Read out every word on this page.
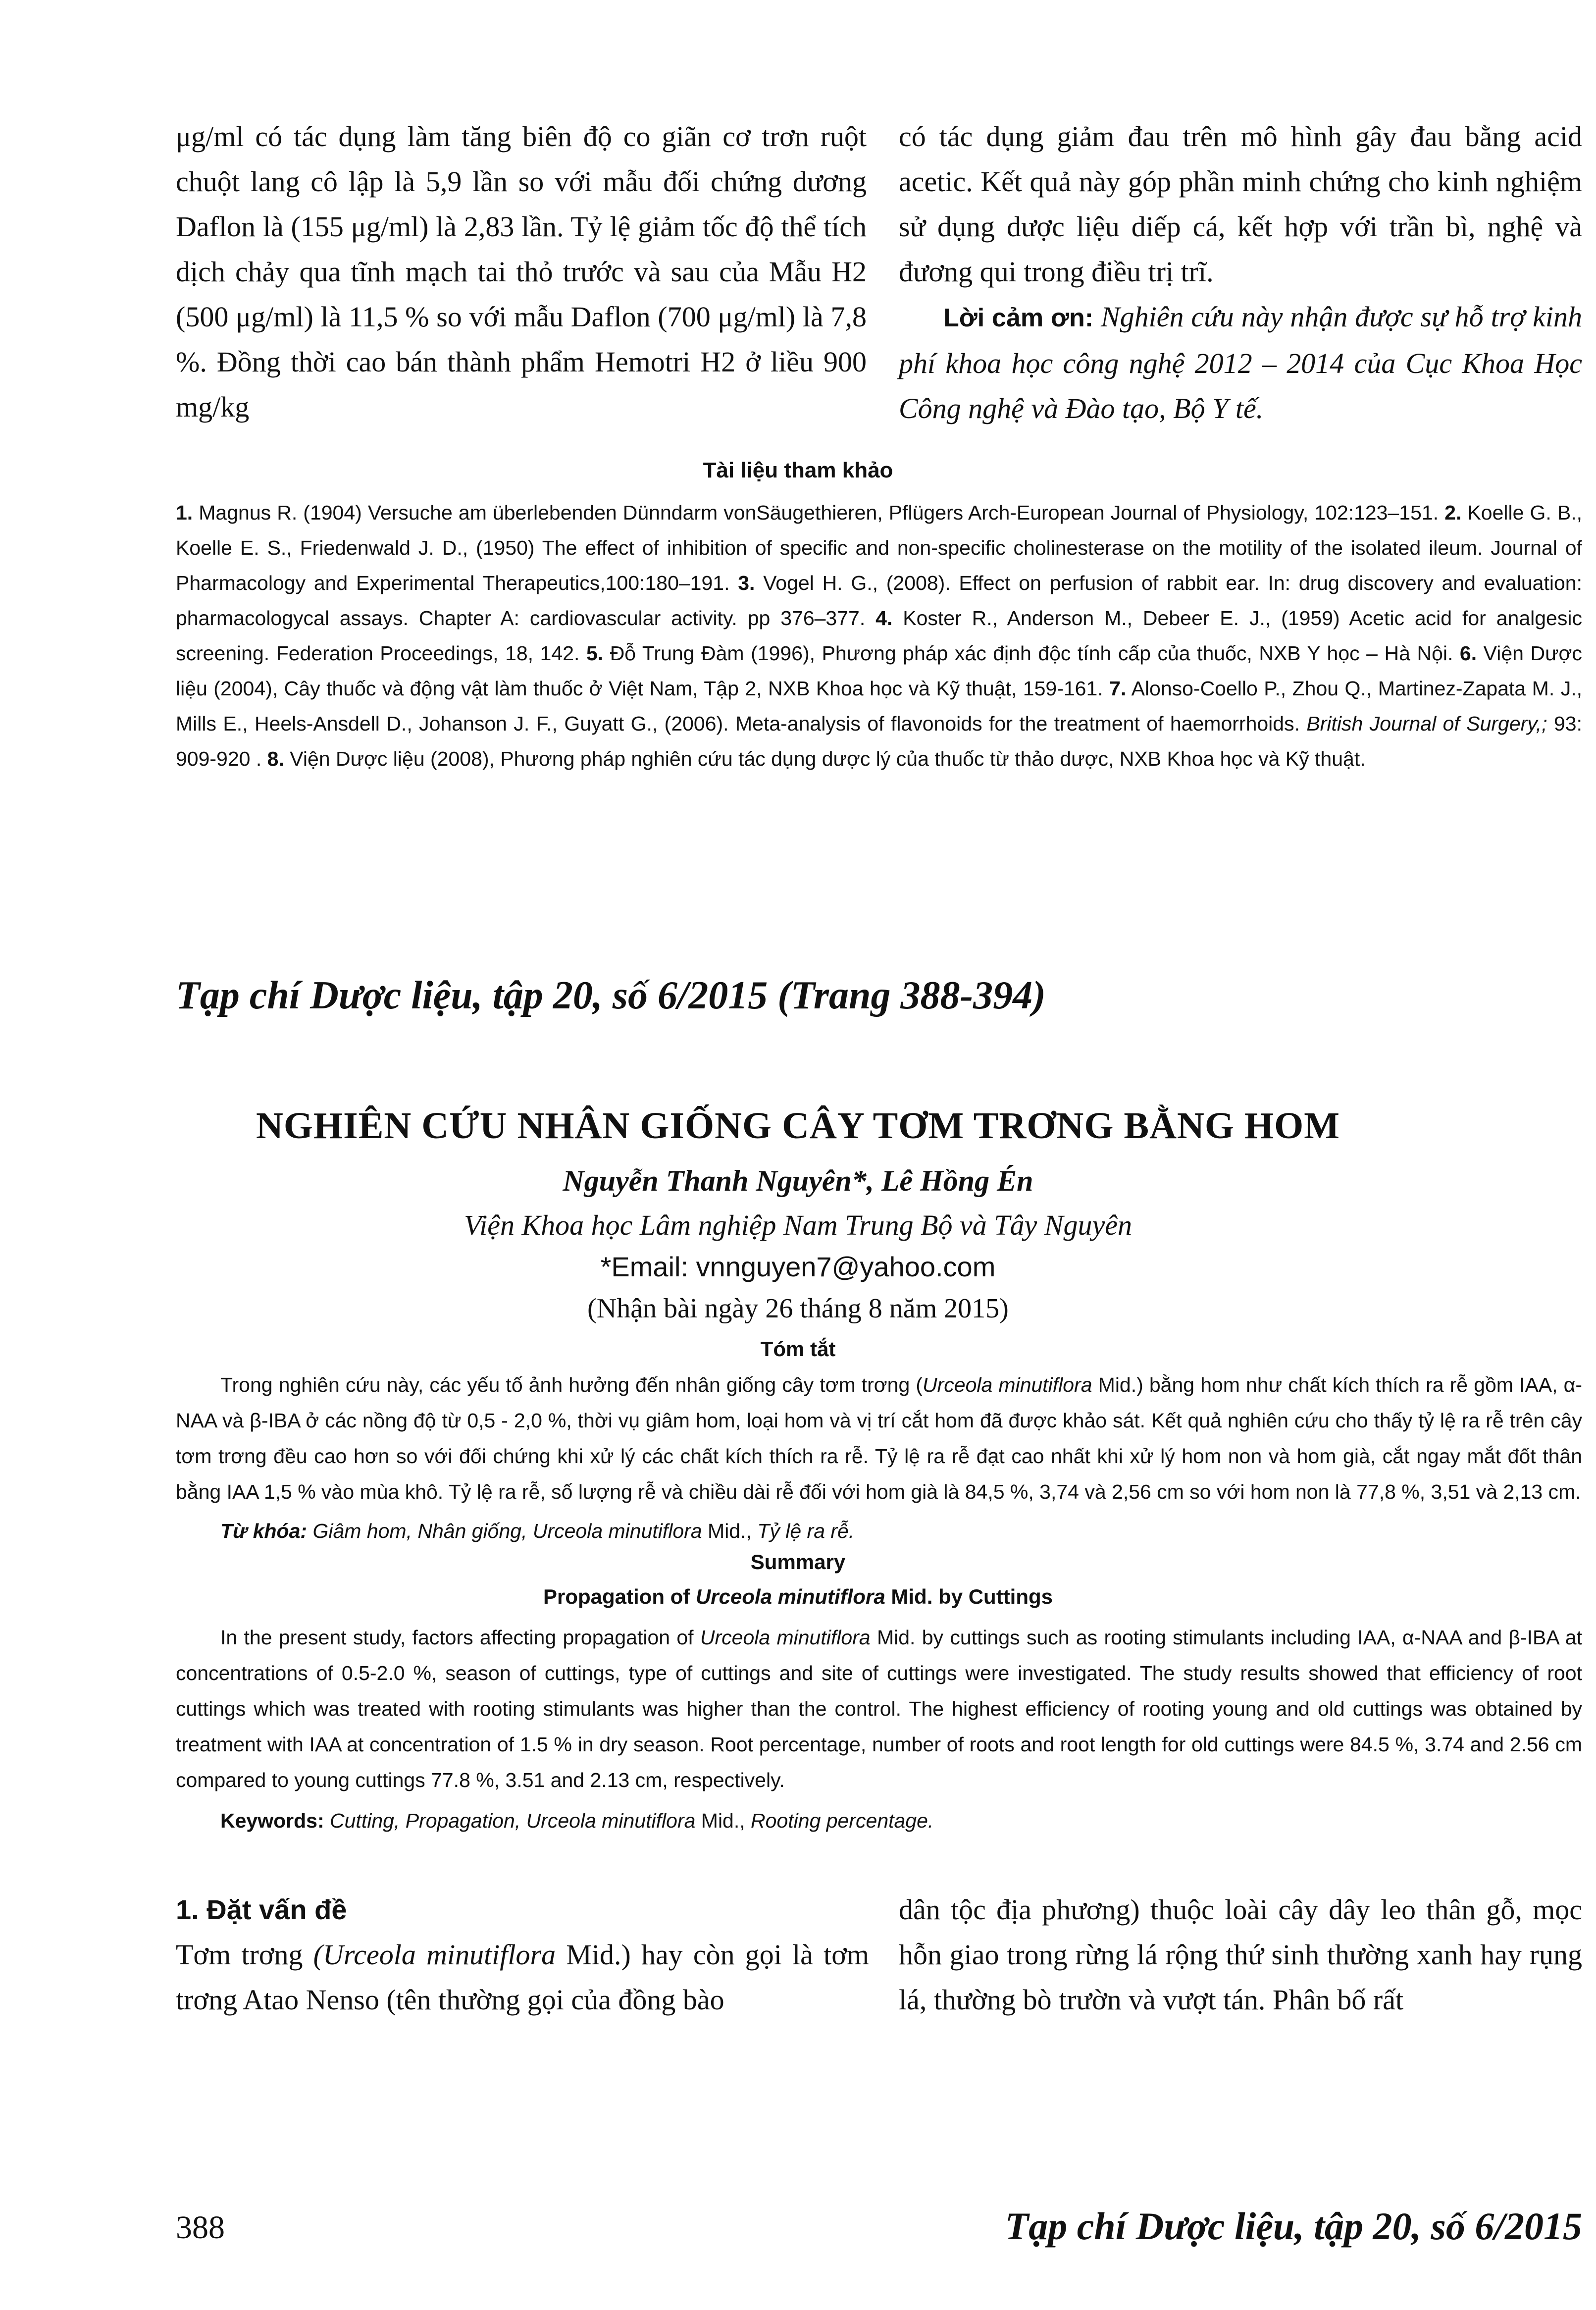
μg/ml có tác dụng làm tăng biên độ co giãn cơ trơn ruột chuột lang cô lập là 5,9 lần so với mẫu đối chứng dương Daflon là (155 μg/ml) là 2,83 lần. Tỷ lệ giảm tốc độ thể tích dịch chảy qua tĩnh mạch tai thỏ trước và sau của Mẫu H2 (500 μg/ml) là 11,5 % so với mẫu Daflon (700 μg/ml) là 7,8 %. Đồng thời cao bán thành phẩm Hemotri H2 ở liều 900 mg/kg

có tác dụng giảm đau trên mô hình gây đau bằng acid acetic. Kết quả này góp phần minh chứng cho kinh nghiệm sử dụng dược liệu diếp cá, kết hợp với trần bì, nghệ và đương qui trong điều trị trĩ.

Lời cảm ơn: Nghiên cứu này nhận được sự hỗ trợ kinh phí khoa học công nghệ 2012 – 2014 của Cục Khoa Học Công nghệ và Đào tạo, Bộ Y tế.

Tài liệu tham khảo
1. Magnus R. (1904) Versuche am überlebenden Dünndarm vonSäugethieren, Pflügers Arch-European Journal of Physiology, 102:123–151. 2. Koelle G. B., Koelle E. S., Friedenwald J. D., (1950) The effect of inhibition of specific and non-specific cholinesterase on the motility of the isolated ileum. Journal of Pharmacology and Experimental Therapeutics,100:180–191. 3. Vogel H. G., (2008). Effect on perfusion of rabbit ear. In: drug discovery and evaluation: pharmacologycal assays. Chapter A: cardiovascular activity. pp 376–377. 4. Koster R., Anderson M., Debeer E. J., (1959) Acetic acid for analgesic screening. Federation Proceedings, 18, 142. 5. Đỗ Trung Đàm (1996), Phương pháp xác định độc tính cấp của thuốc, NXB Y học – Hà Nội. 6. Viện Dược liệu (2004), Cây thuốc và động vật làm thuốc ở Việt Nam, Tập 2, NXB Khoa học và Kỹ thuật, 159-161. 7. Alonso-Coello P., Zhou Q., Martinez-Zapata M. J., Mills E., Heels-Ansdell D., Johanson J. F., Guyatt G., (2006). Meta-analysis of flavonoids for the treatment of haemorrhoids. British Journal of Surgery,; 93: 909-920 . 8. Viện Dược liệu (2008), Phương pháp nghiên cứu tác dụng dược lý của thuốc từ thảo dược, NXB Khoa học và Kỹ thuật.
Tạp chí Dược liệu, tập 20, số 6/2015 (Trang 388-394)
NGHIÊN CỨU NHÂN GIỐNG CÂY TƠM TRƠNG BẰNG HOM
Nguyễn Thanh Nguyên*, Lê Hồng Én
Viện Khoa học Lâm nghiệp Nam Trung Bộ và Tây Nguyên
*Email: vnnguyen7@yahoo.com
(Nhận bài ngày 26 tháng 8 năm 2015)
Tóm tắt
Trong nghiên cứu này, các yếu tố ảnh hưởng đến nhân giống cây tơm trơng (Urceola minutiflora Mid.) bằng hom như chất kích thích ra rễ gồm IAA, α-NAA và β-IBA ở các nồng độ từ 0,5 - 2,0 %, thời vụ giâm hom, loại hom và vị trí cắt hom đã được khảo sát. Kết quả nghiên cứu cho thấy tỷ lệ ra rễ trên cây tơm trơng đều cao hơn so với đối chứng khi xử lý các chất kích thích ra rễ. Tỷ lệ ra rễ đạt cao nhất khi xử lý hom non và hom già, cắt ngay mắt đốt thân bằng IAA 1,5 % vào mùa khô. Tỷ lệ ra rễ, số lượng rễ và chiều dài rễ đối với hom già là 84,5 %, 3,74 và 2,56 cm so với hom non là 77,8 %, 3,51 và 2,13 cm.
Từ khóa: Giâm hom, Nhân giống, Urceola minutiflora Mid., Tỷ lệ ra rễ.
Summary
Propagation of Urceola minutiflora Mid. by Cuttings
In the present study, factors affecting propagation of Urceola minutiflora Mid. by cuttings such as rooting stimulants including IAA, α-NAA and β-IBA at concentrations of 0.5-2.0 %, season of cuttings, type of cuttings and site of cuttings were investigated. The study results showed that efficiency of root cuttings which was treated with rooting stimulants was higher than the control. The highest efficiency of rooting young and old cuttings was obtained by treatment with IAA at concentration of 1.5 % in dry season. Root percentage, number of roots and root length for old cuttings were 84.5 %, 3.74 and 2.56 cm compared to young cuttings 77.8 %, 3.51 and 2.13 cm, respectively.
Keywords: Cutting, Propagation, Urceola minutiflora Mid., Rooting percentage.
1. Đặt vấn đề
Tơm trơng (Urceola minutiflora Mid.) hay còn gọi là tơm trơng Atao Nenso (tên thường gọi của đồng bào
dân tộc địa phương) thuộc loài cây dây leo thân gỗ, mọc hỗn giao trong rừng lá rộng thứ sinh thường xanh hay rụng lá, thường bò trườn và vượt tán. Phân bố rất
388	Tạp chí Dược liệu, tập 20, số 6/2015
